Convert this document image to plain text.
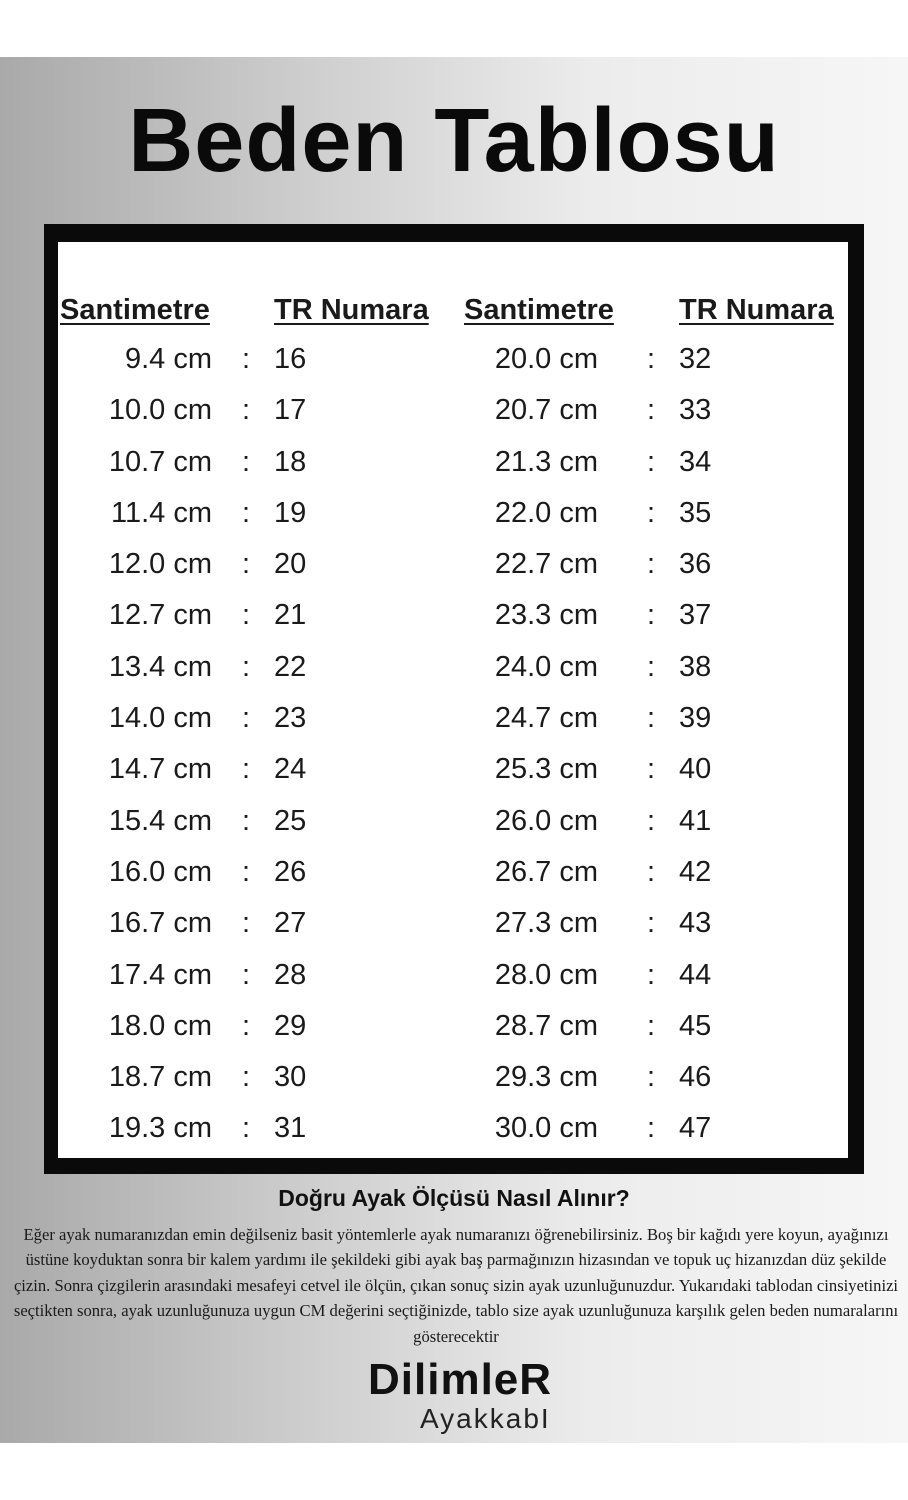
Beden Tablosu
Santimetre TR Numara Santimetre TR Numara
9.4 cm : 16	20.0 cm : 32
10.0 cm : 17	20.7 cm : 33
10.7 cm : 18	21.3 cm : 34
11.4 cm : 19	22.0 cm : 35
12.0 cm : 20	22.7 cm : 36
12.7 cm : 21	23.3 cm : 37
13.4 cm : 22	24.0 cm : 38
14.0 cm : 23	24.7 cm : 39
14.7 cm : 24	25.3 cm : 40
15.4 cm : 25	26.0 cm : 41
16.0 cm : 26	26.7 cm : 42
16.7 cm : 27	27.3 cm : 43
17.4 cm : 28	28.0 cm : 44
18.0 cm : 29	28.7 cm : 45
18.7 cm : 30	29.3 cm : 46
19.3 cm : 31	30.0 cm : 47
Doğru Ayak Ölçüsü Nasıl Alınır?
Eğer ayak numaranızdan emin değilseniz basit yöntemlerle ayak numaranızı öğrenebilirsiniz. Boş bir kağıdı yere koyun, ayağınızı üstüne koyduktan sonra bir kalem yardımı ile şekildeki gibi ayak baş parmağınızın hizasından ve topuk uç hizanızdan düz şekilde çizin. Sonra çizgilerin arasındaki mesafeyi cetvel ile ölçün, çıkan sonuç sizin ayak uzunluğunuzdur. Yukarıdaki tablodan cinsiyetinizi seçtikten sonra, ayak uzunluğunuza uygun CM değerini seçtiğinizde, tablo size ayak uzunluğunuza karşılık gelen beden numaralarını gösterecektir
DilimleR
AyakkabI
